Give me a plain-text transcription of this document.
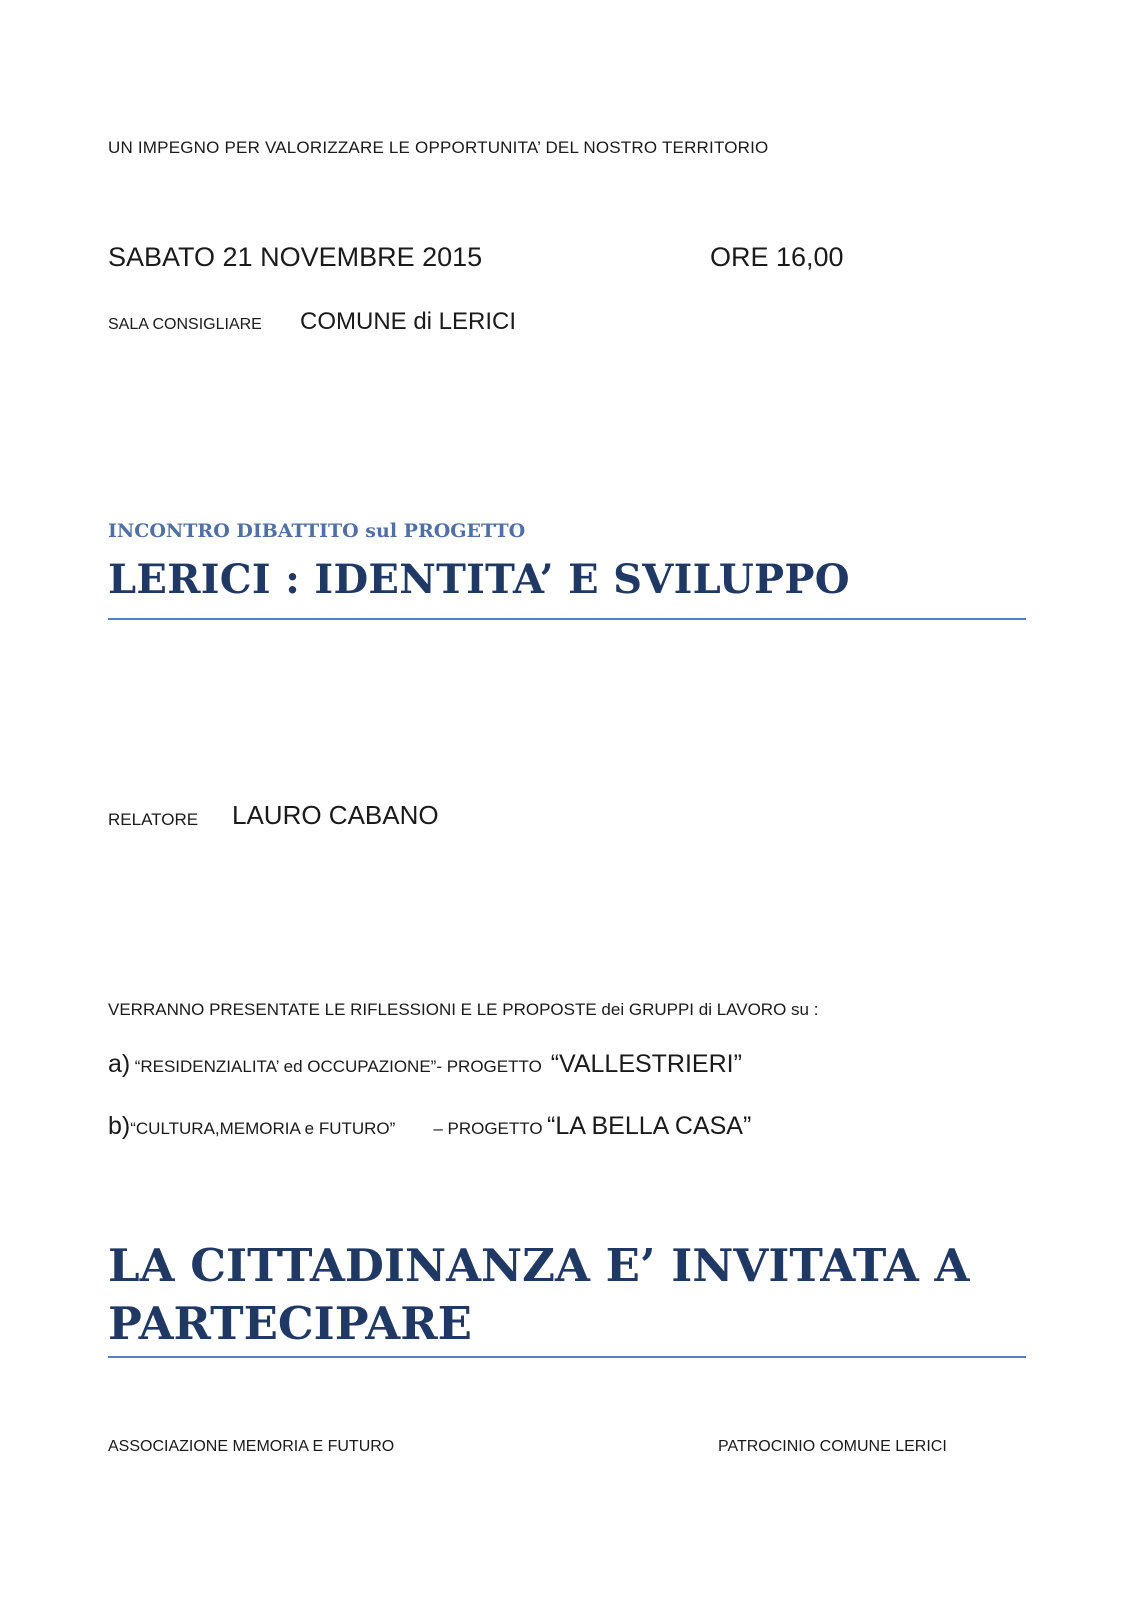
UN IMPEGNO PER VALORIZZARE LE OPPORTUNITA’ DEL NOSTRO TERRITORIO
SABATO 21 NOVEMBRE 2015	ORE 16,00
SALA CONSIGLIARE COMUNE di LERICI
INCONTRO DIBATTITO sul PROGETTO
LERICI : IDENTITA’ E SVILUPPO
RELATORE LAURO CABANO
VERRANNO PRESENTATE LE RIFLESSIONI E LE PROPOSTE dei GRUPPI di LAVORO su :
a) “RESIDENZIALITA’ ed OCCUPAZIONE”- PROGETTO “VALLESTRIERI”
b)“CULTURA,MEMORIA e FUTURO” – PROGETTO “LA BELLA CASA”
LA CITTADINANZA E’ INVITATA A PARTECIPARE
ASSOCIAZIONE MEMORIA E FUTURO	PATROCINIO COMUNE LERICI
